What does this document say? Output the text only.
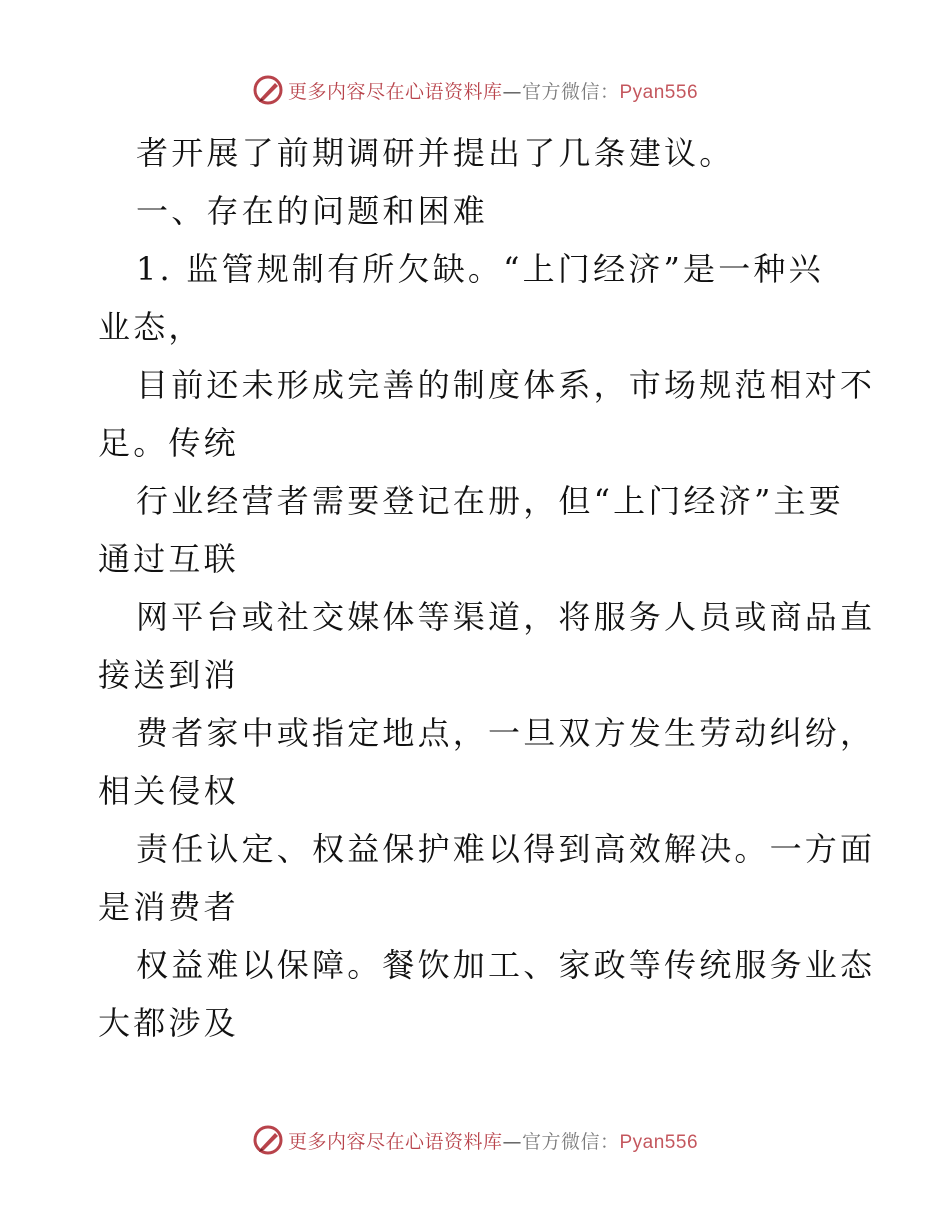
更多内容尽在心语资料库—官方微信：Pyan556
者开展了前期调研并提出了几条建议。
一、存在的问题和困难
1. 监管规制有所欠缺。“上门经济”是一种兴
业态，
目前还未形成完善的制度体系，市场规范相对不
足。传统
行业经营者需要登记在册，但“上门经济”主要
通过互联
网平台或社交媒体等渠道，将服务人员或商品直
接送到消
费者家中或指定地点，一旦双方发生劳动纠纷，
相关侵权
责任认定、权益保护难以得到高效解决。一方面
是消费者
权益难以保障。餐饮加工、家政等传统服务业态
大都涉及
更多内容尽在心语资料库—官方微信：Pyan556
